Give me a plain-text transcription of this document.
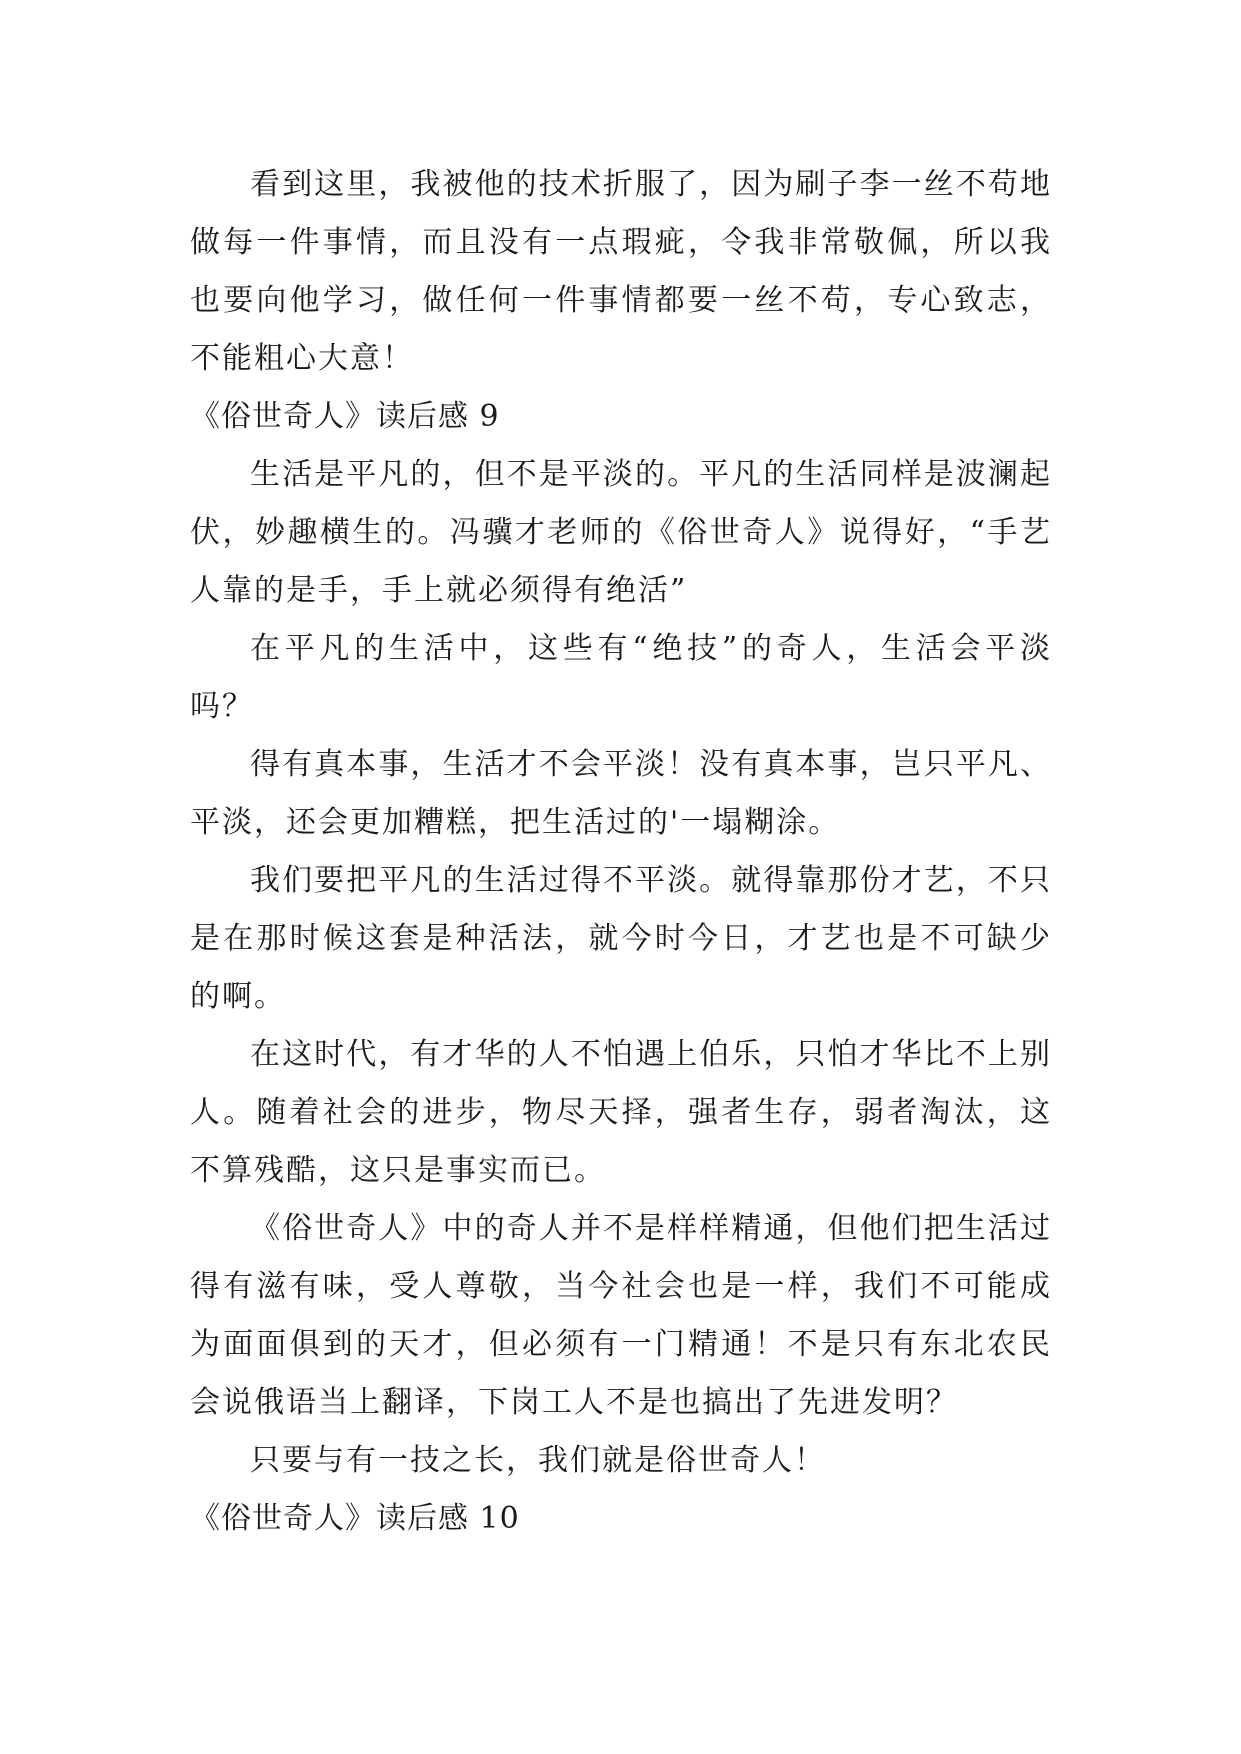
看到这里，我被他的技术折服了，因为刷子李一丝不苟地做每一件事情，而且没有一点瑕疵，令我非常敬佩，所以我也要向他学习，做任何一件事情都要一丝不苟，专心致志，不能粗心大意！

《俗世奇人》读后感 9

生活是平凡的，但不是平淡的。平凡的生活同样是波澜起伏，妙趣横生的。冯骥才老师的《俗世奇人》说得好，“手艺人靠的是手，手上就必须得有绝活”

在平凡的生活中，这些有“绝技”的奇人，生活会平淡吗？

得有真本事，生活才不会平淡！没有真本事，岂只平凡、平淡，还会更加糟糕，把生活过的'一塌糊涂。

我们要把平凡的生活过得不平淡。就得靠那份才艺，不只是在那时候这套是种活法，就今时今日，才艺也是不可缺少的啊。

在这时代，有才华的人不怕遇上伯乐，只怕才华比不上别人。随着社会的进步，物尽天择，强者生存，弱者淘汰，这不算残酷，这只是事实而已。

《俗世奇人》中的奇人并不是样样精通，但他们把生活过得有滋有味，受人尊敬，当今社会也是一样，我们不可能成为面面俱到的天才，但必须有一门精通！不是只有东北农民会说俄语当上翻译，下岗工人不是也搞出了先进发明？

只要与有一技之长，我们就是俗世奇人！

《俗世奇人》读后感 10
